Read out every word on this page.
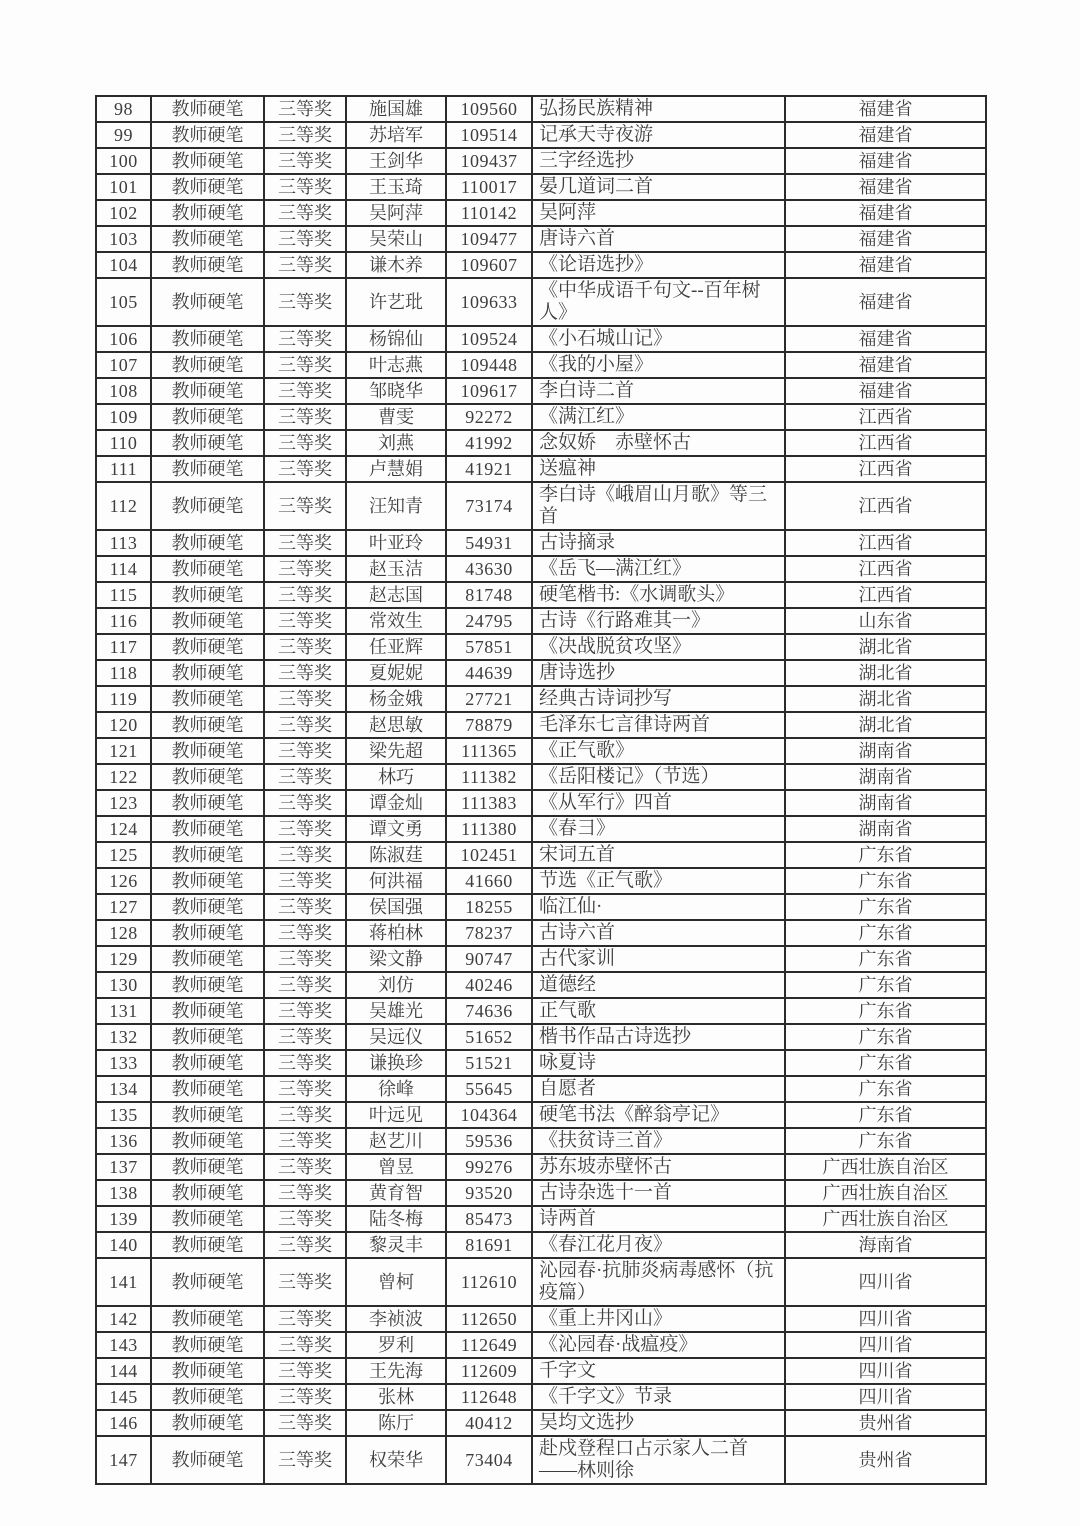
98	教师硬笔	三等奖	施国雄	109560	弘扬民族精神	福建省
99	教师硬笔	三等奖	苏培军	109514	记承天寺夜游	福建省
100	教师硬笔	三等奖	王剑华	109437	三字经选抄	福建省
101	教师硬笔	三等奖	王玉琦	110017	晏几道词二首	福建省
102	教师硬笔	三等奖	吴阿萍	110142	吴阿萍	福建省
103	教师硬笔	三等奖	吴荣山	109477	唐诗六首	福建省
104	教师硬笔	三等奖	谦木养	109607	《论语选抄》	福建省
105	教师硬笔	三等奖	许艺玭	109633	《中华成语千句文--百年树人》	福建省
106	教师硬笔	三等奖	杨锦仙	109524	《小石城山记》	福建省
107	教师硬笔	三等奖	叶志燕	109448	《我的小屋》	福建省
108	教师硬笔	三等奖	邹晓华	109617	李白诗二首	福建省
109	教师硬笔	三等奖	曹雯	92272	《满江红》	江西省
110	教师硬笔	三等奖	刘燕	41992	念奴娇　赤壁怀古	江西省
111	教师硬笔	三等奖	卢慧娟	41921	送瘟神	江西省
112	教师硬笔	三等奖	汪知青	73174	李白诗《峨眉山月歌》等三首	江西省
113	教师硬笔	三等奖	叶亚玲	54931	古诗摘录	江西省
114	教师硬笔	三等奖	赵玉洁	43630	《岳飞—满江红》	江西省
115	教师硬笔	三等奖	赵志国	81748	硬笔楷书:《水调歌头》	江西省
116	教师硬笔	三等奖	常效生	24795	古诗《行路难其一》	山东省
117	教师硬笔	三等奖	任亚辉	57851	《决战脱贫攻坚》	湖北省
118	教师硬笔	三等奖	夏妮妮	44639	唐诗选抄	湖北省
119	教师硬笔	三等奖	杨金娥	27721	经典古诗词抄写	湖北省
120	教师硬笔	三等奖	赵思敏	78879	毛泽东七言律诗两首	湖北省
121	教师硬笔	三等奖	梁先超	111365	《正气歌》	湖南省
122	教师硬笔	三等奖	林巧	111382	《岳阳楼记》（节选）	湖南省
123	教师硬笔	三等奖	谭金灿	111383	《从军行》四首	湖南省
124	教师硬笔	三等奖	谭文勇	111380	《春彐》	湖南省
125	教师硬笔	三等奖	陈淑莛	102451	宋词五首	广东省
126	教师硬笔	三等奖	何洪福	41660	节选《正气歌》	广东省
127	教师硬笔	三等奖	侯国强	18255	临江仙·	广东省
128	教师硬笔	三等奖	蒋柏林	78237	古诗六首	广东省
129	教师硬笔	三等奖	梁文静	90747	古代家训	广东省
130	教师硬笔	三等奖	刘仿	40246	道德经	广东省
131	教师硬笔	三等奖	吴雄光	74636	正气歌	广东省
132	教师硬笔	三等奖	吴远仪	51652	楷书作品古诗选抄	广东省
133	教师硬笔	三等奖	谦换珍	51521	咏夏诗	广东省
134	教师硬笔	三等奖	徐峰	55645	自愿者	广东省
135	教师硬笔	三等奖	叶远见	104364	硬笔书法《醉翁亭记》	广东省
136	教师硬笔	三等奖	赵艺川	59536	《扶贫诗三首》	广东省
137	教师硬笔	三等奖	曾昱	99276	苏东坡赤壁怀古	广西壮族自治区
138	教师硬笔	三等奖	黄育智	93520	古诗杂选十一首	广西壮族自治区
139	教师硬笔	三等奖	陆冬梅	85473	诗两首	广西壮族自治区
140	教师硬笔	三等奖	黎灵丰	81691	《春江花月夜》	海南省
141	教师硬笔	三等奖	曾柯	112610	沁园春·抗肺炎病毒感怀（抗疫篇）	四川省
142	教师硬笔	三等奖	李祯波	112650	《重上井冈山》	四川省
143	教师硬笔	三等奖	罗利	112649	《沁园春·战瘟疫》	四川省
144	教师硬笔	三等奖	王先海	112609	千字文	四川省
145	教师硬笔	三等奖	张林	112648	《千字文》节录	四川省
146	教师硬笔	三等奖	陈厅	40412	吴均文选抄	贵州省
147	教师硬笔	三等奖	权荣华	73404	赴戍登程口占示家人二首——林则徐	贵州省
